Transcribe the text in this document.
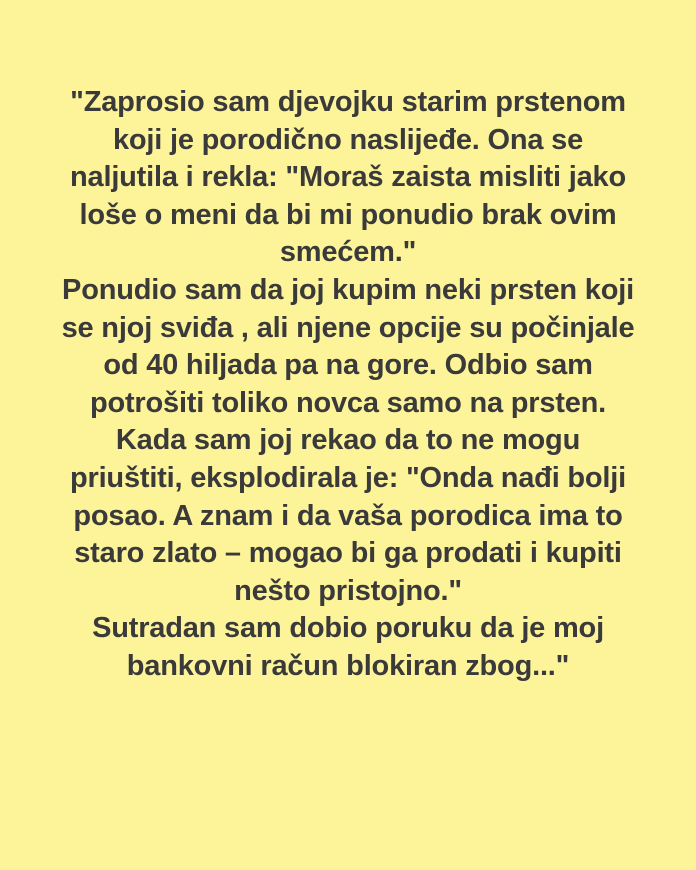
"Zaprosio sam djevojku starim prstenom
koji je porodično naslijeđe. Ona se
naljutila i rekla: "Moraš zaista misliti jako
loše o meni da bi mi ponudio brak ovim
smećem."
Ponudio sam da joj kupim neki prsten koji
se njoj sviđa , ali njene opcije su počinjale
od 40 hiljada pa na gore. Odbio sam
potrošiti toliko novca samo na prsten.
Kada sam joj rekao da to ne mogu
priuštiti, eksplodirala je: "Onda nađi bolji
posao. A znam i da vaša porodica ima to
staro zlato – mogao bi ga prodati i kupiti
nešto pristojno."
Sutradan sam dobio poruku da je moj
bankovni račun blokiran zbog..."
